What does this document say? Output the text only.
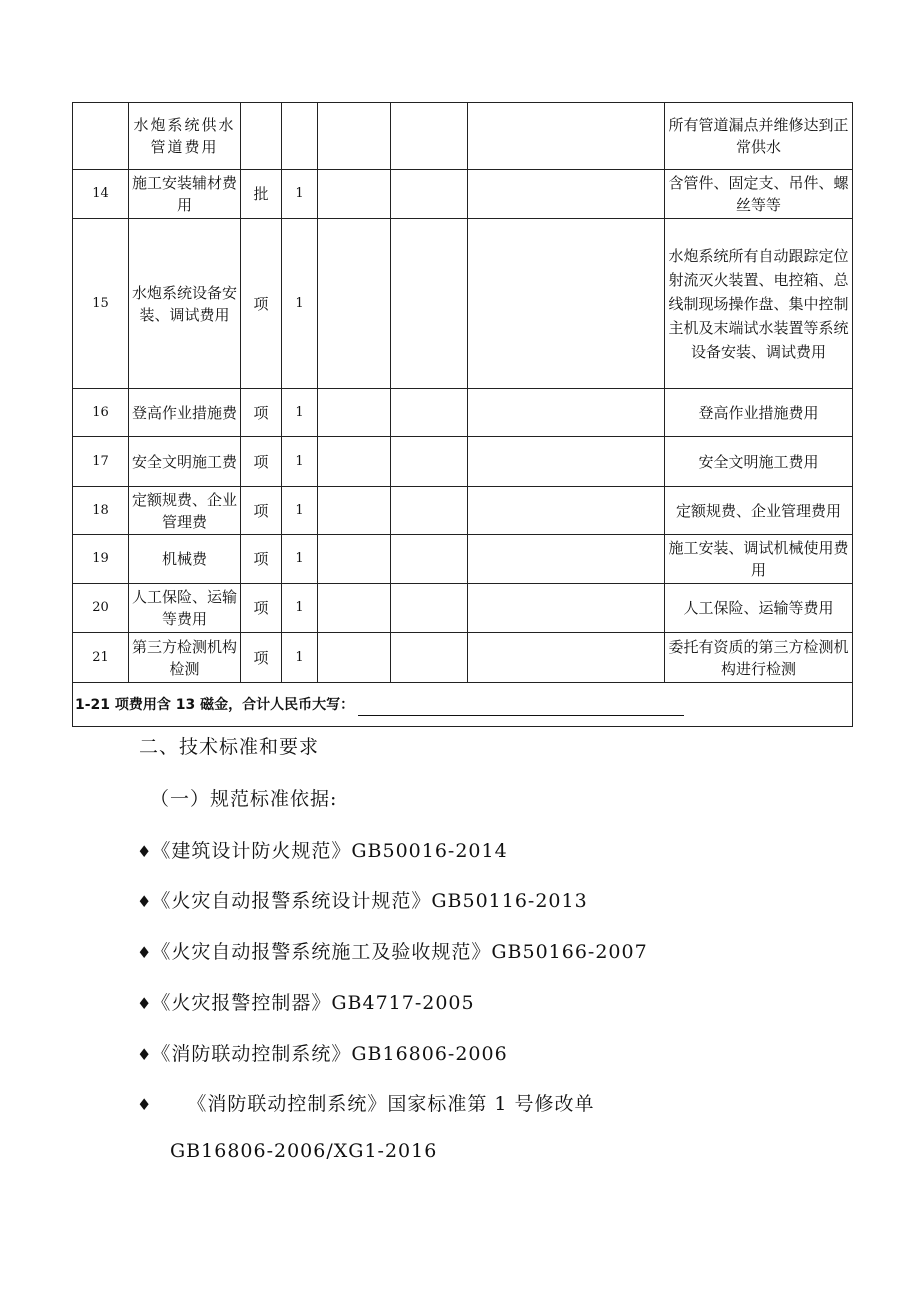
	水炮系统供水管道费用						所有管道漏点并维修达到正常供水
14	施工安装辅材费用	批	1				含管件、固定支、吊件、螺丝等等
15	水炮系统设备安装、调试费用	项	1				水炮系统所有自动跟踪定位射流灭火装置、电控箱、总线制现场操作盘、集中控制主机及末端试水装置等系统设备安装、调试费用
16	登高作业措施费	项	1				登高作业措施费用
17	安全文明施工费	项	1				安全文明施工费用
18	定额规费、企业管理费	项	1				定额规费、企业管理费用
19	机械费	项	1				施工安装、调试机械使用费用
20	人工保险、运输等费用	项	1				人工保险、运输等费用
21	第三方检测机构检测	项	1				委托有资质的第三方检测机构进行检测
1-21 项费用含 13 磁金，合计人民币大写：							
二、技术标准和要求
（一）规范标准依据:
♦《建筑设计防火规范》GB50016-2014
♦《火灾自动报警系统设计规范》GB50116-2013
♦《火灾自动报警系统施工及验收规范》GB50166-2007
♦《火灾报警控制器》GB4717-2005
♦《消防联动控制系统》GB16806-2006
♦ 《消防联动控制系统》国家标准第 1 号修改单
GB16806-2006/XG1-2016
